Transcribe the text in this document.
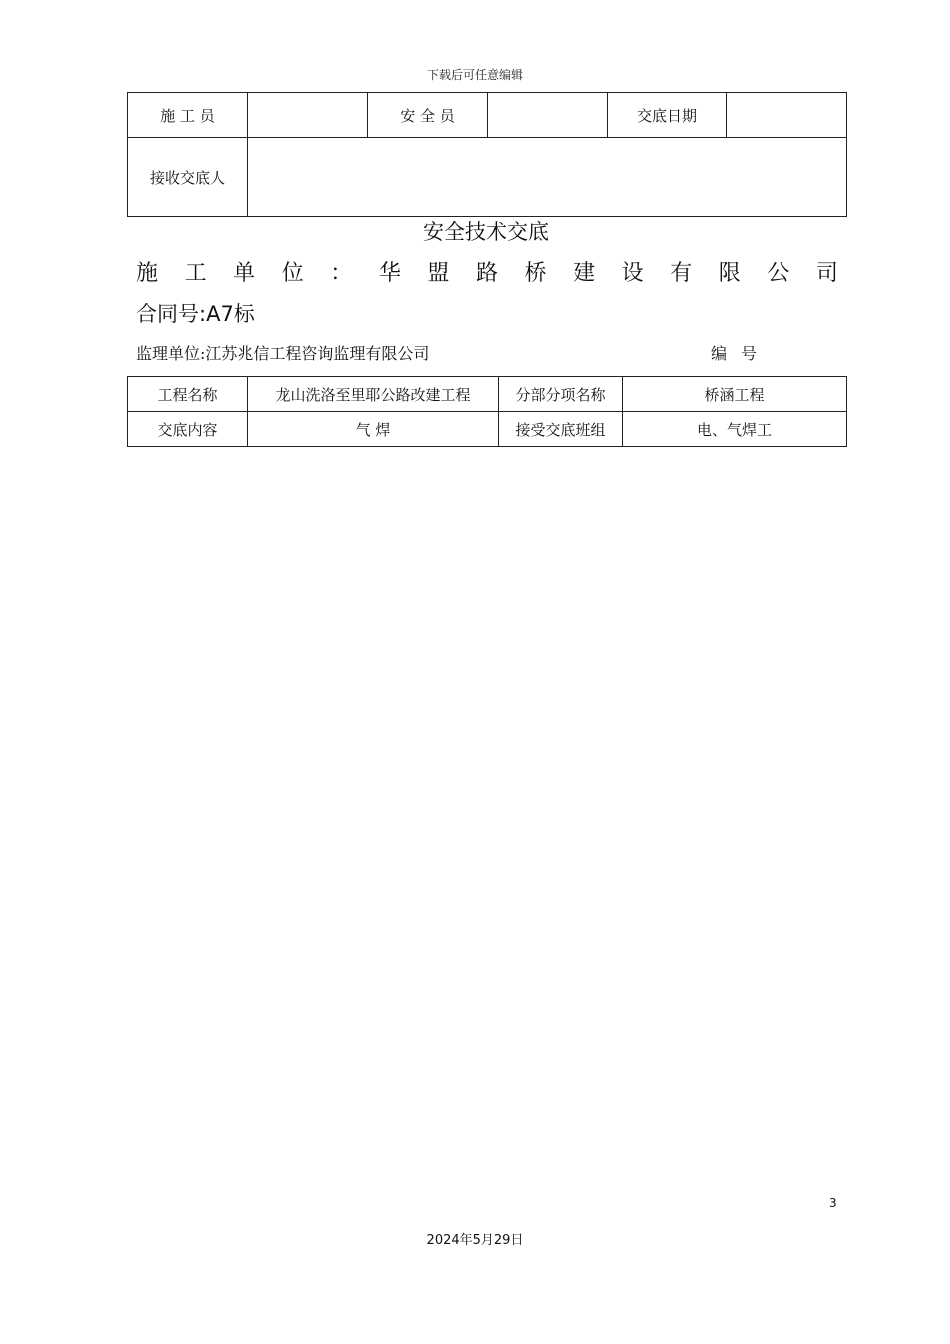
下载后可任意编辑
施 工 员		安 全 员		交底日期	
接收交底人					
安全技术交底
施 工 单 位 ： 华 盟 路 桥 建 设 有 限 公 司
合同号:A7标
监理单位:江苏兆信工程咨询监理有限公司	编号
工程名称	龙山洗洛至里耶公路改建工程	分部分项名称	桥涵工程
交底内容	气 焊	接受交底班组	电、气焊工
3
2024年5月29日
